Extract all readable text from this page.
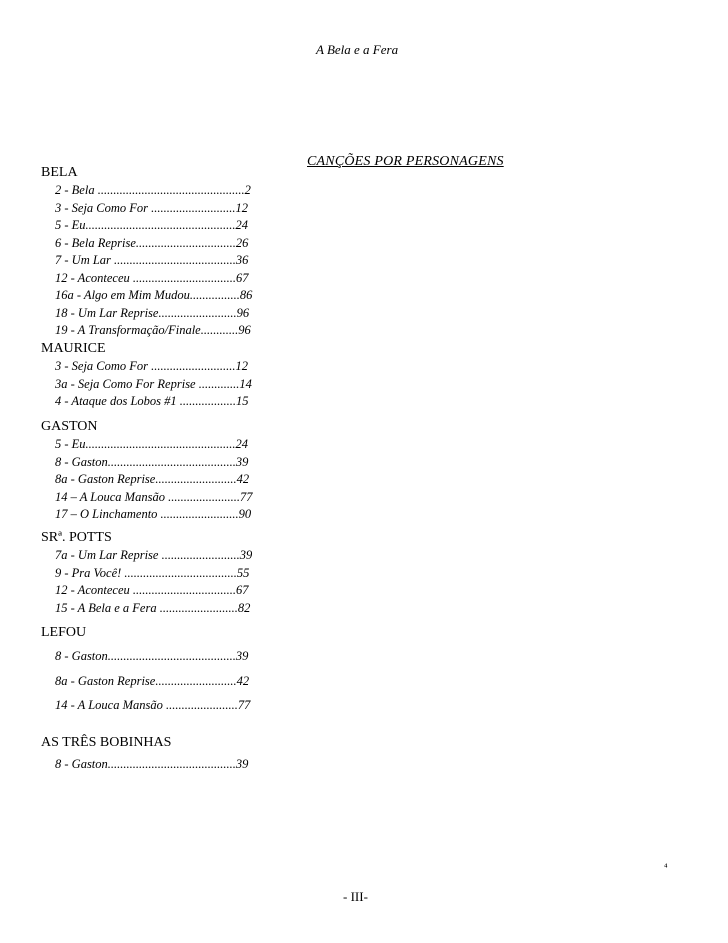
A Bela e a Fera
CANÇÕES POR PERSONAGENS
BELA
2 - Bela ...............................................2
3 - Seja Como For ...........................12
5 - Eu................................................24
6 - Bela Reprise................................26
7 - Um Lar .......................................36
12 - Aconteceu .................................67
16a - Algo em Mim Mudou................86
18 - Um Lar Reprise.........................96
19 - A Transformação/Finale............96
MAURICE
3 - Seja Como For ...........................12
3a - Seja Como For Reprise .............14
4 - Ataque dos Lobos #1 ..................15
GASTON
5 - Eu................................................24
8 - Gaston.........................................39
8a - Gaston Reprise..........................42
14 – A Louca Mansão .......................77
17 – O Linchamento .........................90
SRª. POTTS
7a - Um Lar Reprise .........................39
9 - Pra Você! ....................................55
12 - Aconteceu .................................67
15 - A Bela e a Fera .........................82
LEFOU
8 - Gaston.........................................39
8a - Gaston Reprise..........................42
14 - A Louca Mansão .......................77
AS TRÊS BOBINHAS
8 - Gaston.........................................39
⁴
- III-
